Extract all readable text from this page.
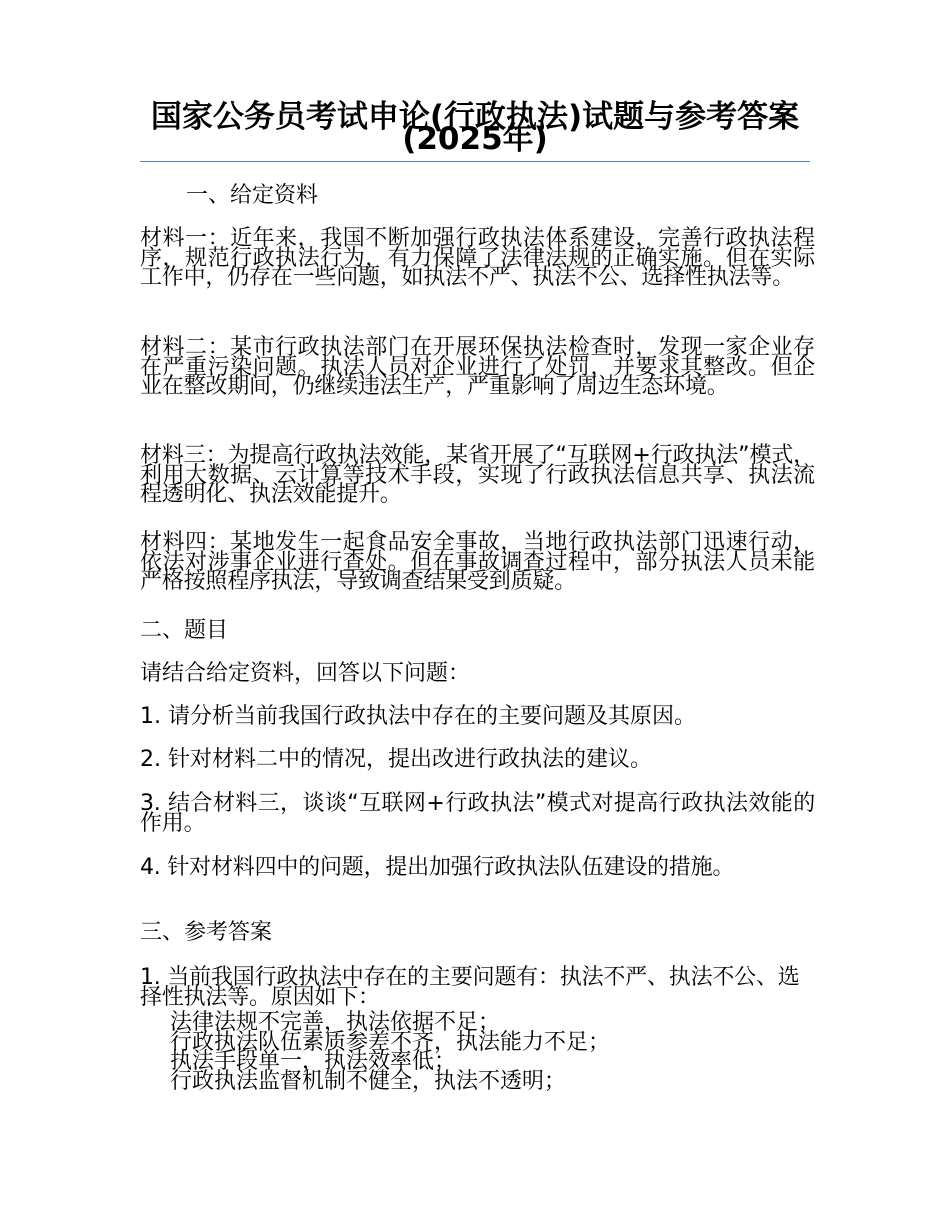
国家公务员考试申论(行政执法)试题与参考答案(2025年)
一、给定资料
材料一：近年来，我国不断加强行政执法体系建设，完善行政执法程序，规范行政执法行为，有力保障了法律法规的正确实施。但在实际工作中，仍存在一些问题，如执法不严、执法不公、选择性执法等。
材料二：某市行政执法部门在开展环保执法检查时，发现一家企业存在严重污染问题。执法人员对企业进行了处罚，并要求其整改。但企业在整改期间，仍继续违法生产，严重影响了周边生态环境。
材料三：为提高行政执法效能，某省开展了“互联网+行政执法”模式，利用大数据、云计算等技术手段，实现了行政执法信息共享、执法流程透明化、执法效能提升。
材料四：某地发生一起食品安全事故，当地行政执法部门迅速行动，依法对涉事企业进行查处。但在事故调查过程中，部分执法人员未能严格按照程序执法，导致调查结果受到质疑。
二、题目
请结合给定资料，回答以下问题：
1. 请分析当前我国行政执法中存在的主要问题及其原因。
2. 针对材料二中的情况，提出改进行政执法的建议。
3. 结合材料三，谈谈“互联网+行政执法”模式对提高行政执法效能的作用。
4. 针对材料四中的问题，提出加强行政执法队伍建设的措施。
三、参考答案
1. 当前我国行政执法中存在的主要问题有：执法不严、执法不公、选择性执法等。原因如下：
法律法规不完善，执法依据不足；
行政执法队伍素质参差不齐，执法能力不足；
执法手段单一，执法效率低；
行政执法监督机制不健全，执法不透明；
